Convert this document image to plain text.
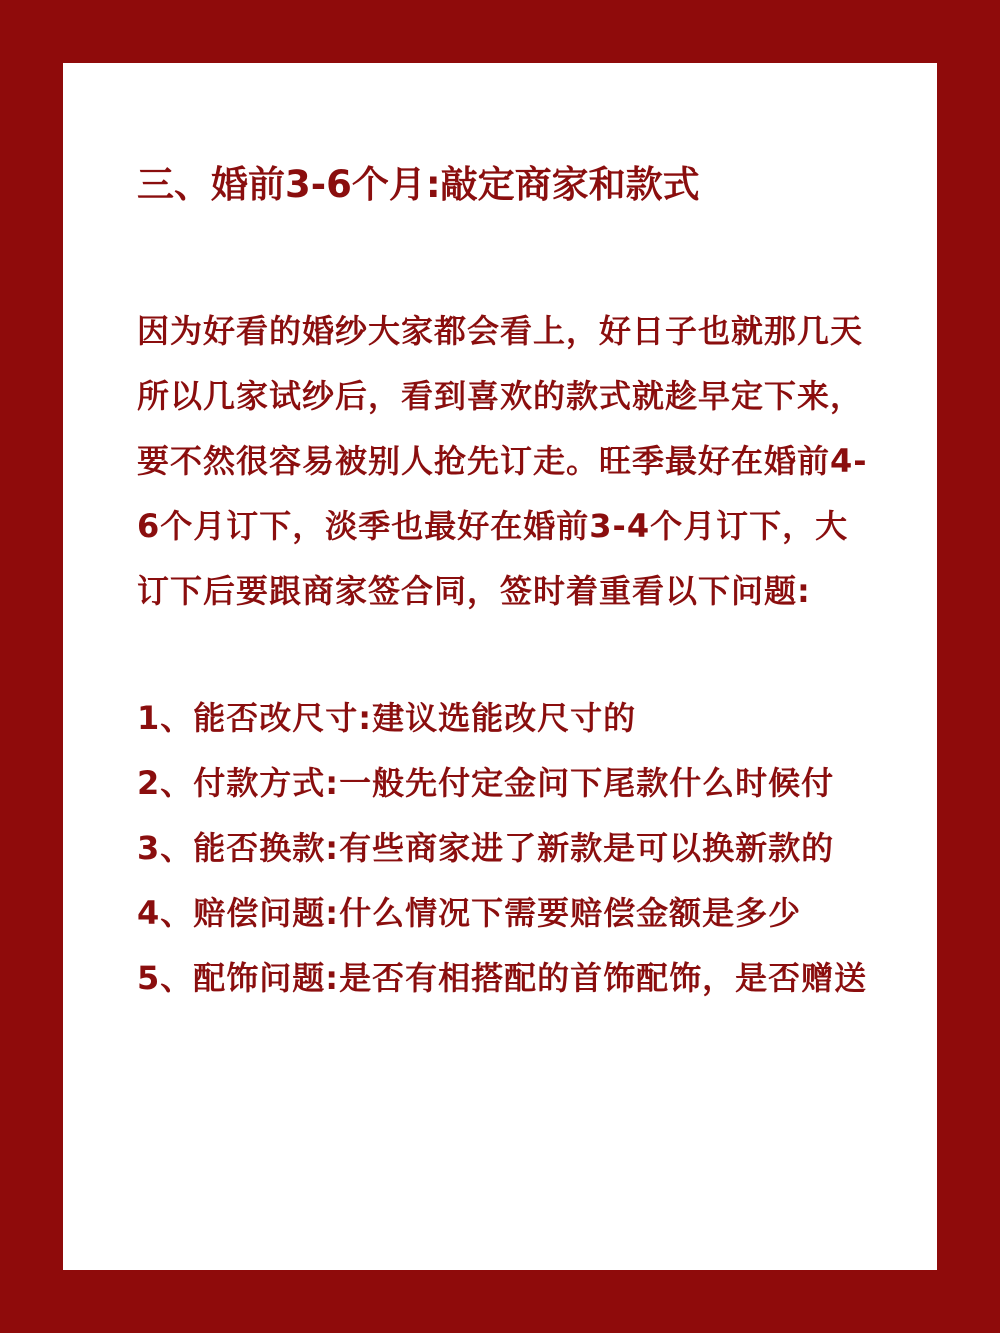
三、婚前3-6个月:敲定商家和款式
因为好看的婚纱大家都会看上，好日子也就那几天所以几家试纱后，看到喜欢的款式就趁早定下来，要不然很容易被别人抢先订走。旺季最好在婚前4-6个月订下，淡季也最好在婚前3-4个月订下，大订下后要跟商家签合同，签时着重看以下问题:
1、能否改尺寸:建议选能改尺寸的
2、付款方式:一般先付定金问下尾款什么时候付
3、能否换款:有些商家进了新款是可以换新款的
4、赔偿问题:什么情况下需要赔偿金额是多少
5、配饰问题:是否有相搭配的首饰配饰，是否赠送
